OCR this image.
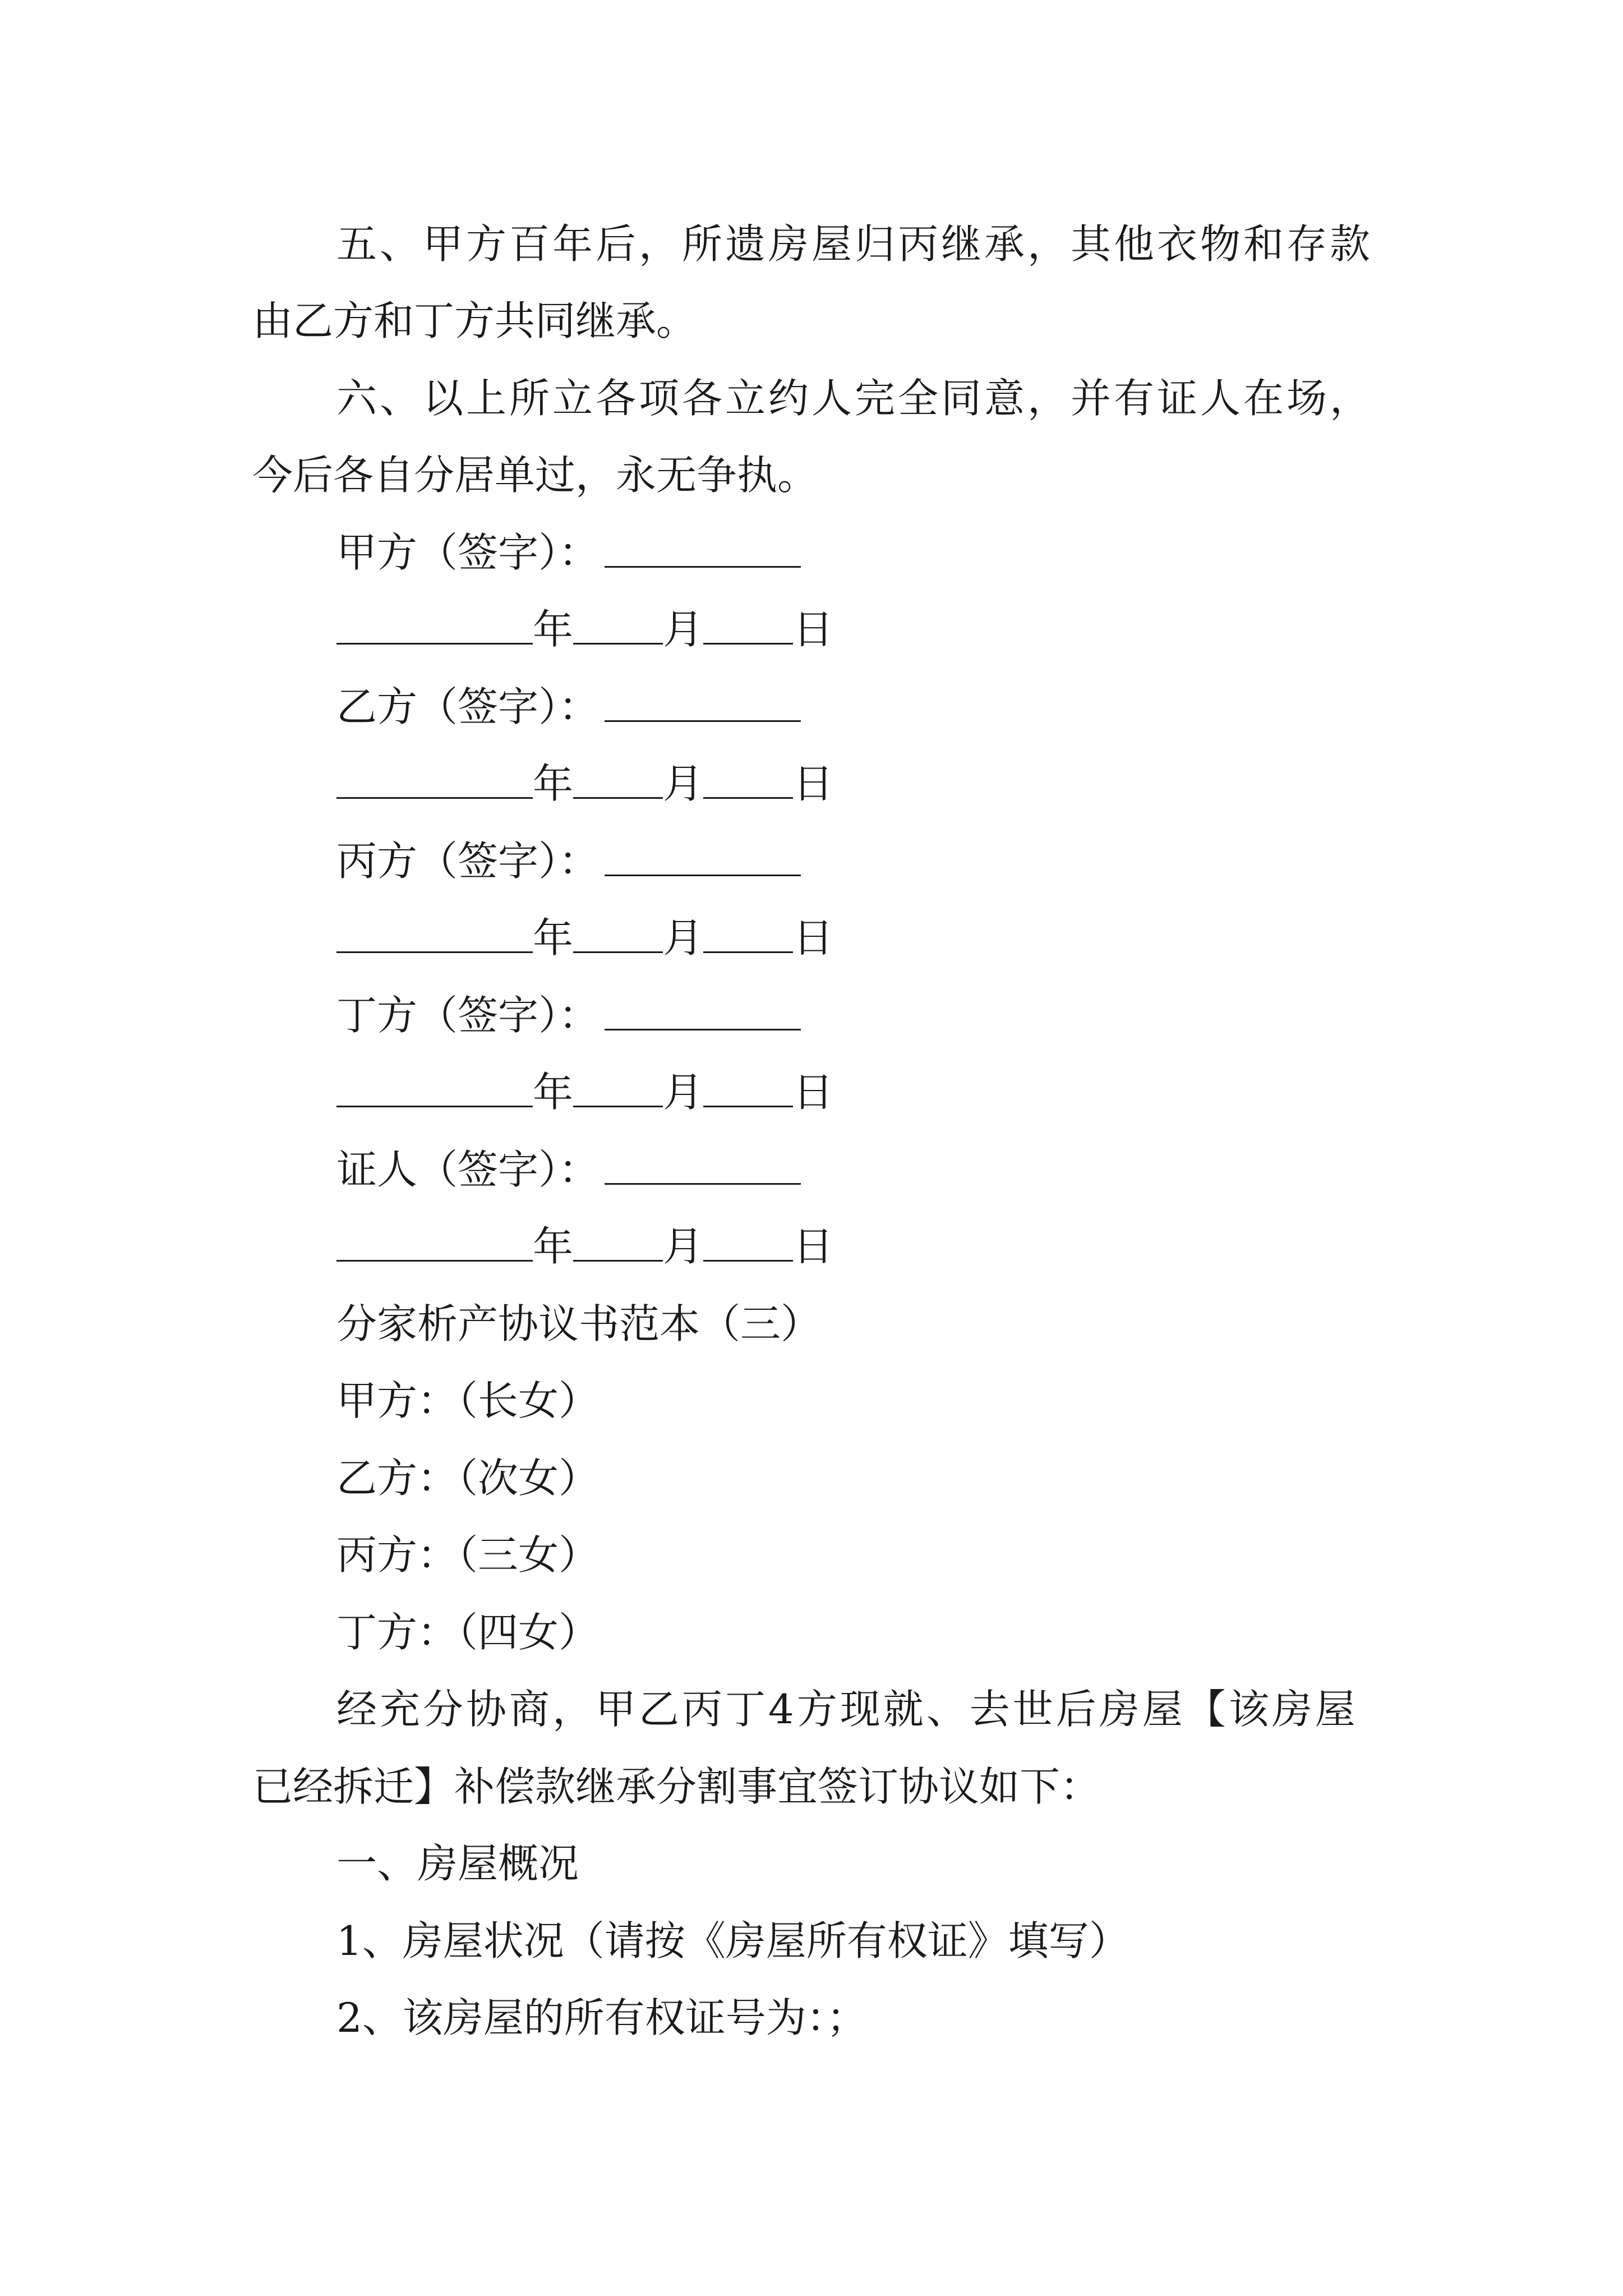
五、甲方百年后，所遗房屋归丙继承，其他衣物和存款
由乙方和丁方共同继承。
六、以上所立各项各立约人完全同意，并有证人在场，
今后各自分居单过，永无争执。
甲方（签字）：
年 月 日
乙方（签字）：
年 月 日
丙方（签字）：
年 月 日
丁方（签字）：
年 月 日
证人（签字）：
年 月 日
分家析产协议书范本（三）
甲方：（长女）
乙方：（次女）
丙方：（三女）
丁方：（四女）
经充分协商，甲乙丙丁4方现就、去世后房屋【该房屋
已经拆迁】补偿款继承分割事宜签订协议如下：
一、房屋概况
1、房屋状况（请按《房屋所有权证》填写）
2、该房屋的所有权证号为：；
